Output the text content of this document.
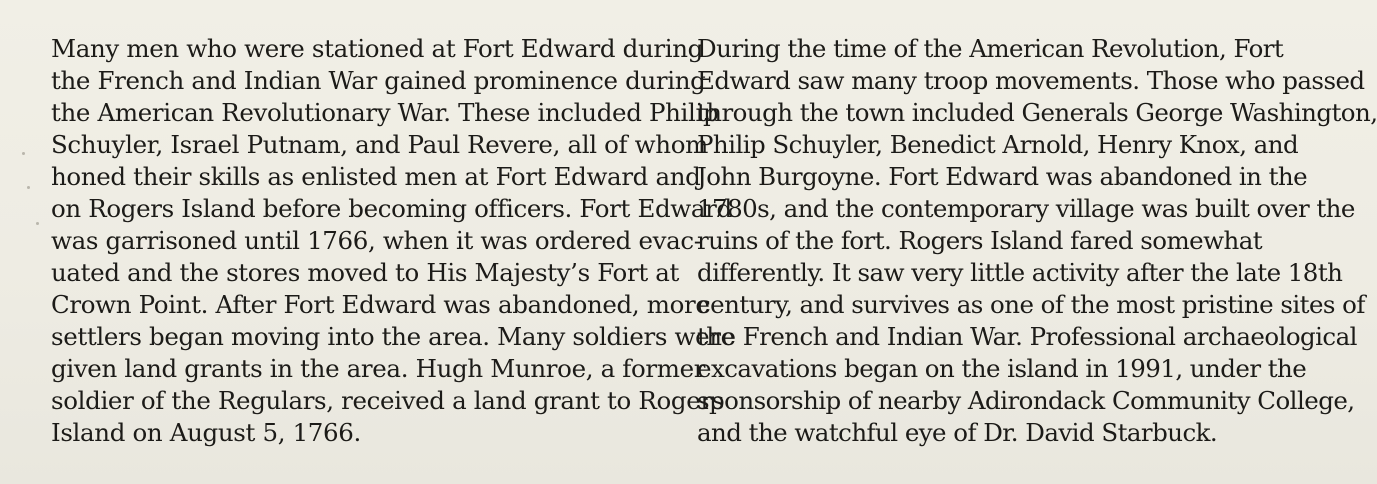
Many men who were stationed at Fort Edward during
the French and Indian War gained prominence during
the American Revolutionary War. These included Philip
Schuyler, Israel Putnam, and Paul Revere, all of whom
honed their skills as enlisted men at Fort Edward and
on Rogers Island before becoming officers. Fort Edward
was garrisoned until 1766, when it was ordered evac-
uated and the stores moved to His Majesty’s Fort at
Crown Point. After Fort Edward was abandoned, more
settlers began moving into the area. Many soldiers were
given land grants in the area. Hugh Munroe, a former
soldier of the Regulars, received a land grant to Rogers
Island on August 5, 1766.
During the time of the American Revolution, Fort
Edward saw many troop movements. Those who passed
through the town included Generals George Washington,
Philip Schuyler, Benedict Arnold, Henry Knox, and
John Burgoyne. Fort Edward was abandoned in the
1780s, and the contemporary village was built over the
ruins of the fort. Rogers Island fared somewhat
differently. It saw very little activity after the late 18th
century, and survives as one of the most pristine sites of
the French and Indian War. Professional archaeological
excavations began on the island in 1991, under the
sponsorship of nearby Adirondack Community College,
and the watchful eye of Dr. David Starbuck.
